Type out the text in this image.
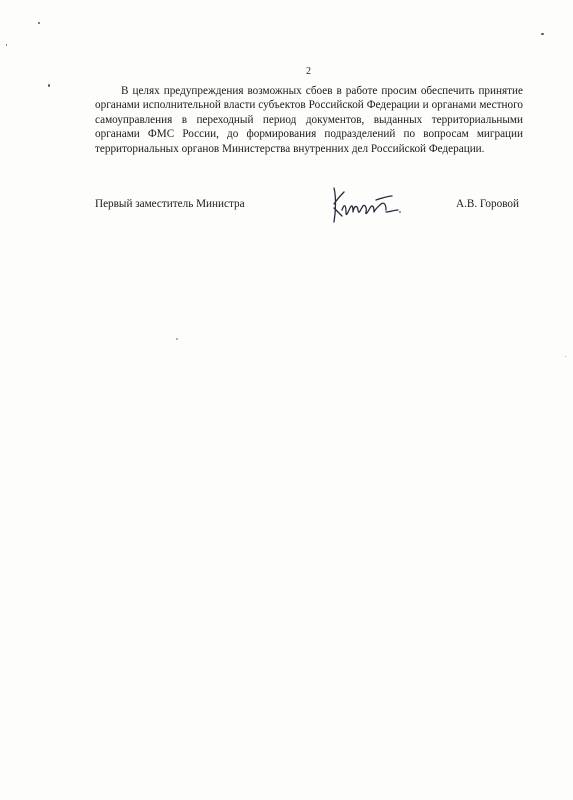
2

В целях предупреждения возможных сбоев в работе просим обеспечить принятие органами исполнительной власти субъектов Российской Федерации и органами местного самоуправления в переходный период документов, выданных территориальными органами ФМС России, до формирования подразделений по вопросам миграции территориальных органов Министерства внутренних дел Российской Федерации.

Первый заместитель Министра	А.В. Горовой
